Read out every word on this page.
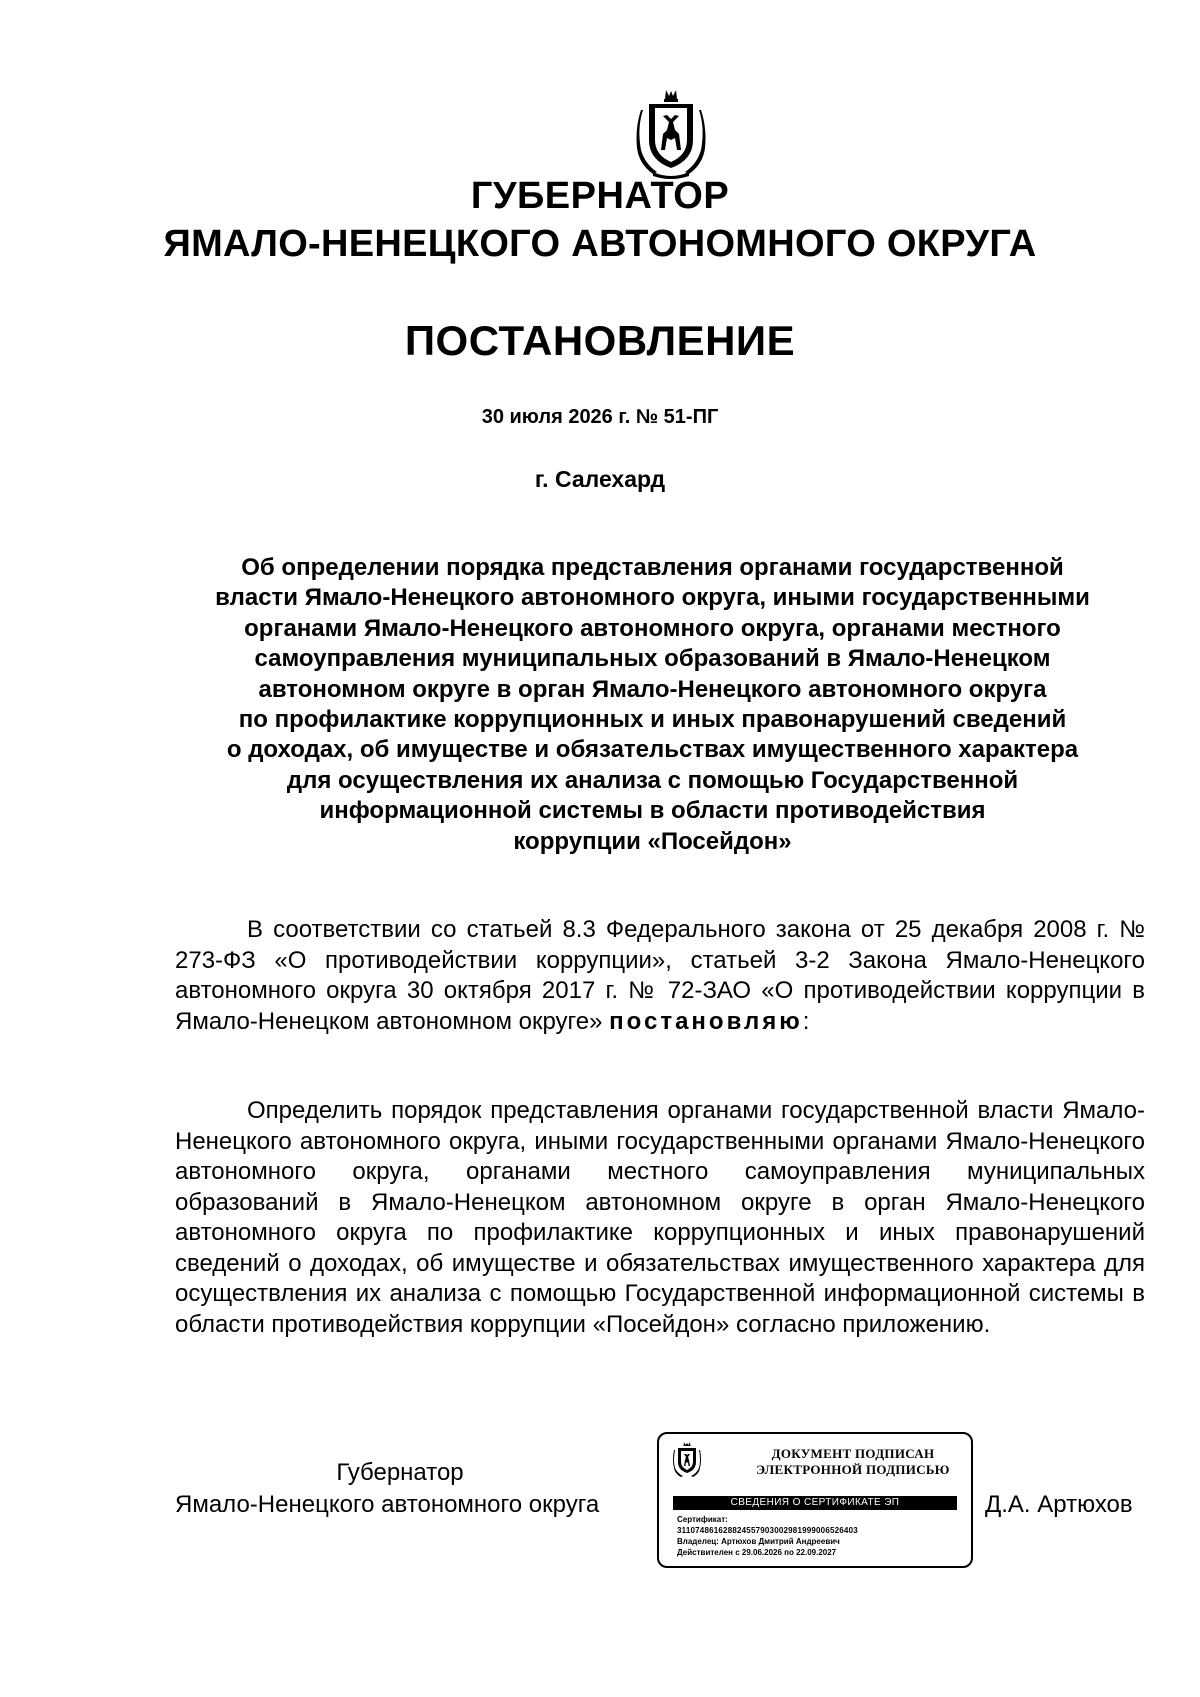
ГУБЕРНАТОР
ЯМАЛО-НЕНЕЦКОГО АВТОНОМНОГО ОКРУГА
ПОСТАНОВЛЕНИЕ
30 июля 2026 г. № 51-ПГ
г. Салехард
Об определении порядка представления органами государственной
власти Ямало-Ненецкого автономного округа, иными государственными
органами Ямало-Ненецкого автономного округа, органами местного
самоуправления муниципальных образований в Ямало-Ненецком
автономном округе в орган Ямало-Ненецкого автономного округа
по профилактике коррупционных и иных правонарушений сведений
о доходах, об имуществе и обязательствах имущественного характера
для осуществления их анализа с помощью Государственной
информационной системы в области противодействия
коррупции «Посейдон»
В соответствии со статьей 8.3 Федерального закона от 25 декабря 2008 г. № 273-ФЗ «О противодействии коррупции», статьей 3-2 Закона Ямало-Ненецкого автономного округа 30 октября 2017 г. № 72-ЗАО «О противодействии коррупции в Ямало-Ненецком автономном округе» постановляю:
Определить порядок представления органами государственной власти Ямало-Ненецкого автономного округа, иными государственными органами Ямало-Ненецкого автономного округа, органами местного самоуправления муниципальных образований в Ямало-Ненецком автономном округе в орган Ямало-Ненецкого автономного округа по профилактике коррупционных и иных правонарушений сведений о доходах, об имуществе и обязательствах имущественного характера для осуществления их анализа с помощью Государственной информационной системы в области противодействия коррупции «Посейдон» согласно приложению.
Губернатор
Ямало-Ненецкого автономного округа
ДОКУМЕНТ ПОДПИСАН
ЭЛЕКТРОННОЙ ПОДПИСЬЮ
СВЕДЕНИЯ О СЕРТИФИКАТЕ ЭП
Сертификат:
311074861628824557903002981999006526403
Владелец: Артюхов Дмитрий Андреевич
Действителен с 29.06.2026 по 22.09.2027
Д.А. Артюхов
